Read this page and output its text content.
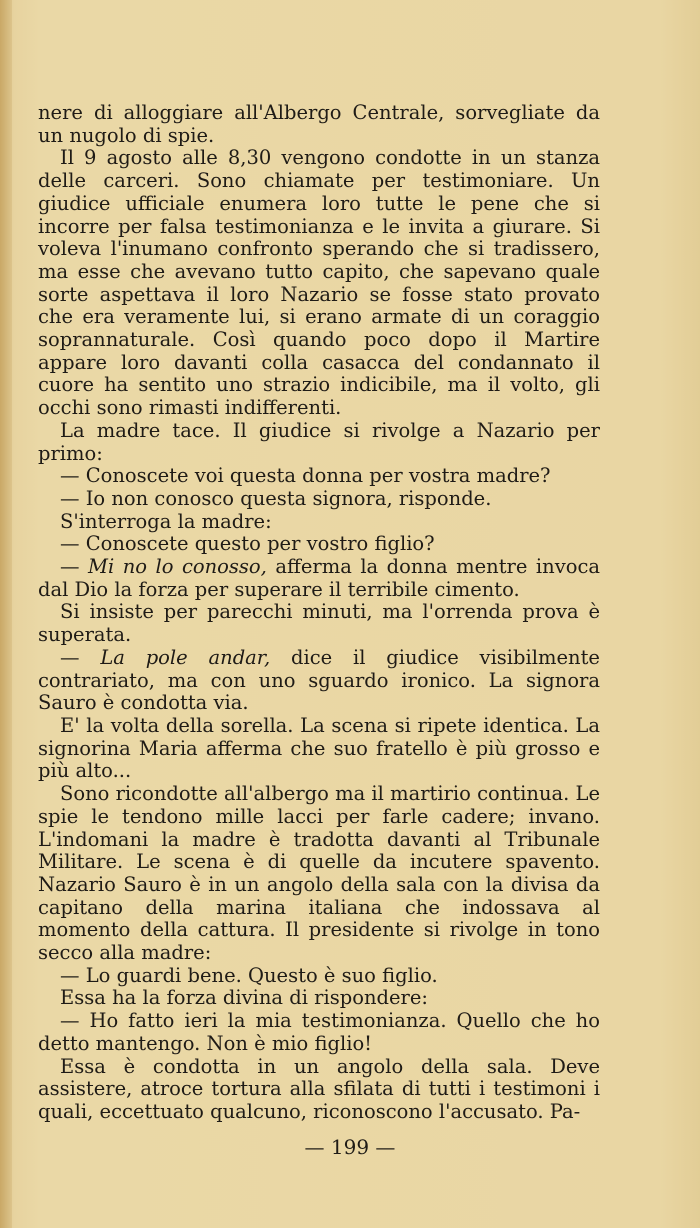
nere di alloggiare all'Albergo Centrale, sorvegliate da un nugolo di spie.

Il 9 agosto alle 8,30 vengono condotte in un stanza delle carceri. Sono chiamate per testimoniare. Un giudice ufficiale enumera loro tutte le pene che si incorre per falsa testimonianza e le invita a giurare. Si voleva l'inumano confronto sperando che si tradissero, ma esse che avevano tutto capito, che sapevano quale sorte aspettava il loro Nazario se fosse stato provato che era veramente lui, si erano armate di un coraggio soprannaturale. Così quando poco dopo il Martire appare loro davanti colla casacca del condannato il cuore ha sentito uno strazio indicibile, ma il volto, gli occhi sono rimasti indifferenti.

La madre tace. Il giudice si rivolge a Nazario per primo:

— Conoscete voi questa donna per vostra madre?

— Io non conosco questa signora, risponde.

S'interroga la madre:

— Conoscete questo per vostro figlio?

— Mi no lo conosso, afferma la donna mentre invoca dal Dio la forza per superare il terribile cimento.

Si insiste per parecchi minuti, ma l'orrenda prova è superata.

— La pole andar, dice il giudice visibilmente contrariato, ma con uno sguardo ironico. La signora Sauro è condotta via.

E' la volta della sorella. La scena si ripete identica. La signorina Maria afferma che suo fratello è più grosso e più alto...

Sono ricondotte all'albergo ma il martirio continua. Le spie le tendono mille lacci per farle cadere; invano. L'indomani la madre è tradotta davanti al Tribunale Militare. Le scena è di quelle da incutere spavento. Nazario Sauro è in un angolo della sala con la divisa da capitano della marina italiana che indossava al momento della cattura. Il presidente si rivolge in tono secco alla madre:

— Lo guardi bene. Questo è suo figlio.

Essa ha la forza divina di rispondere:

— Ho fatto ieri la mia testimonianza. Quello che ho detto mantengo. Non è mio figlio!

Essa è condotta in un angolo della sala. Deve assistere, atroce tortura alla sfilata di tutti i testimoni i quali, eccettuato qualcuno, riconoscono l'accusato. Pa-

— 199 —
